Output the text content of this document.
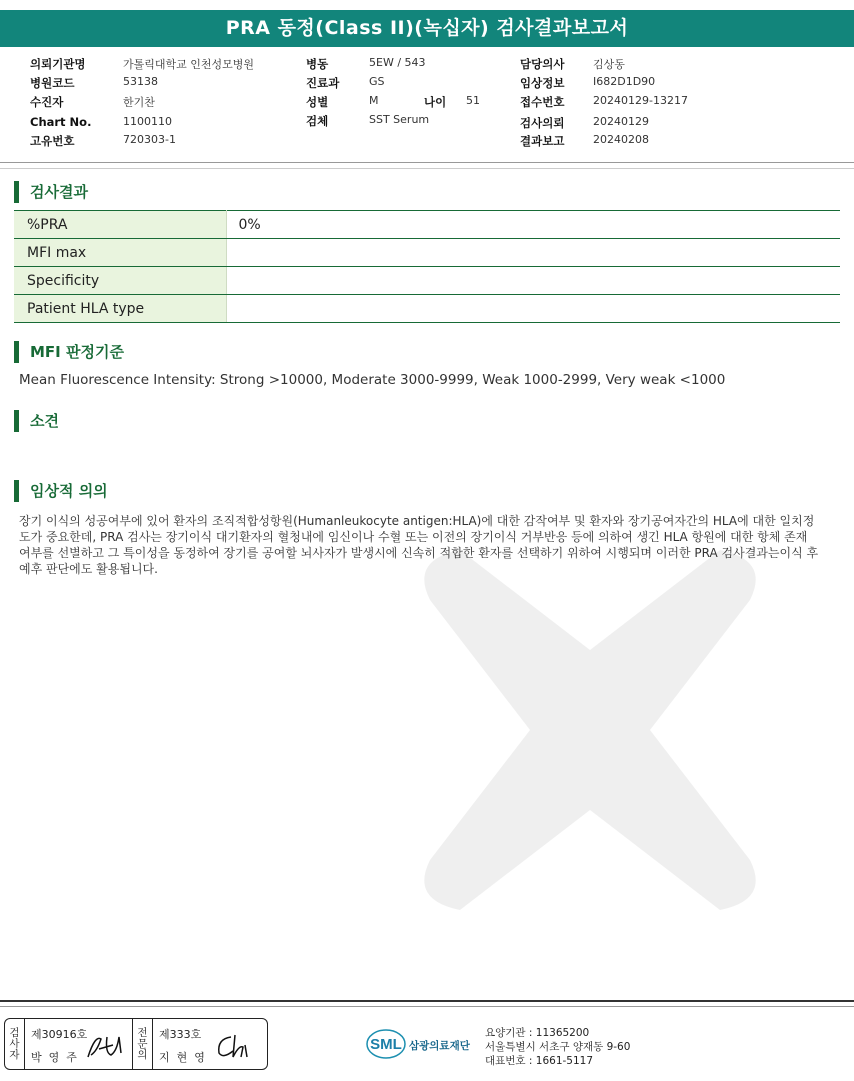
PRA 동정(Class II)(녹십자) 검사결과보고서
의뢰기관명	가톨릭대학교 인천성모병원
병원코드	53138
수진자	한기찬
Chart No.	1100110
고유번호	720303-1
병동	5EW / 543
진료과	GS
성별	M	나이 51
검체	SST Serum
담당의사	김상동
임상정보	I682D1D90
접수번호	20240129-13217
검사의뢰	20240129
결과보고	20240208
검사결과
%PRA	0%
MFI max	
Specificity	
Patient HLA type	
MFI 판정기준
Mean Fluorescence Intensity: Strong >10000, Moderate 3000-9999, Weak 1000-2999, Very weak <1000
소견
임상적 의의
장기 이식의 성공여부에 있어 환자의 조직적합성항원(Humanleukocyte antigen:HLA)에 대한 감작여부 및 환자와 장기공여자간의 HLA에 대한 일치정도가 중요한데, PRA 검사는 장기이식 대기환자의 혈청내에 임신이나 수혈 또는 이전의 장기이식 거부반응 등에 의하여 생긴 HLA 항원에 대한 항체 존재 여부를 선별하고 그 특이성을 동정하여 장기를 공여할 뇌사자가 발생시에 신속히 적합한 환자를 선택하기 위하여 시행되며 이러한 PRA 검사결과는이식 후 예후 판단에도 활용됩니다.
검
사
자
제30916호
박영주
전
문
의
제333호
지현영
SML 삼광의료재단
요양기관 : 11365200
서울특별시 서초구 양재동 9-60
대표번호 : 1661-5117
